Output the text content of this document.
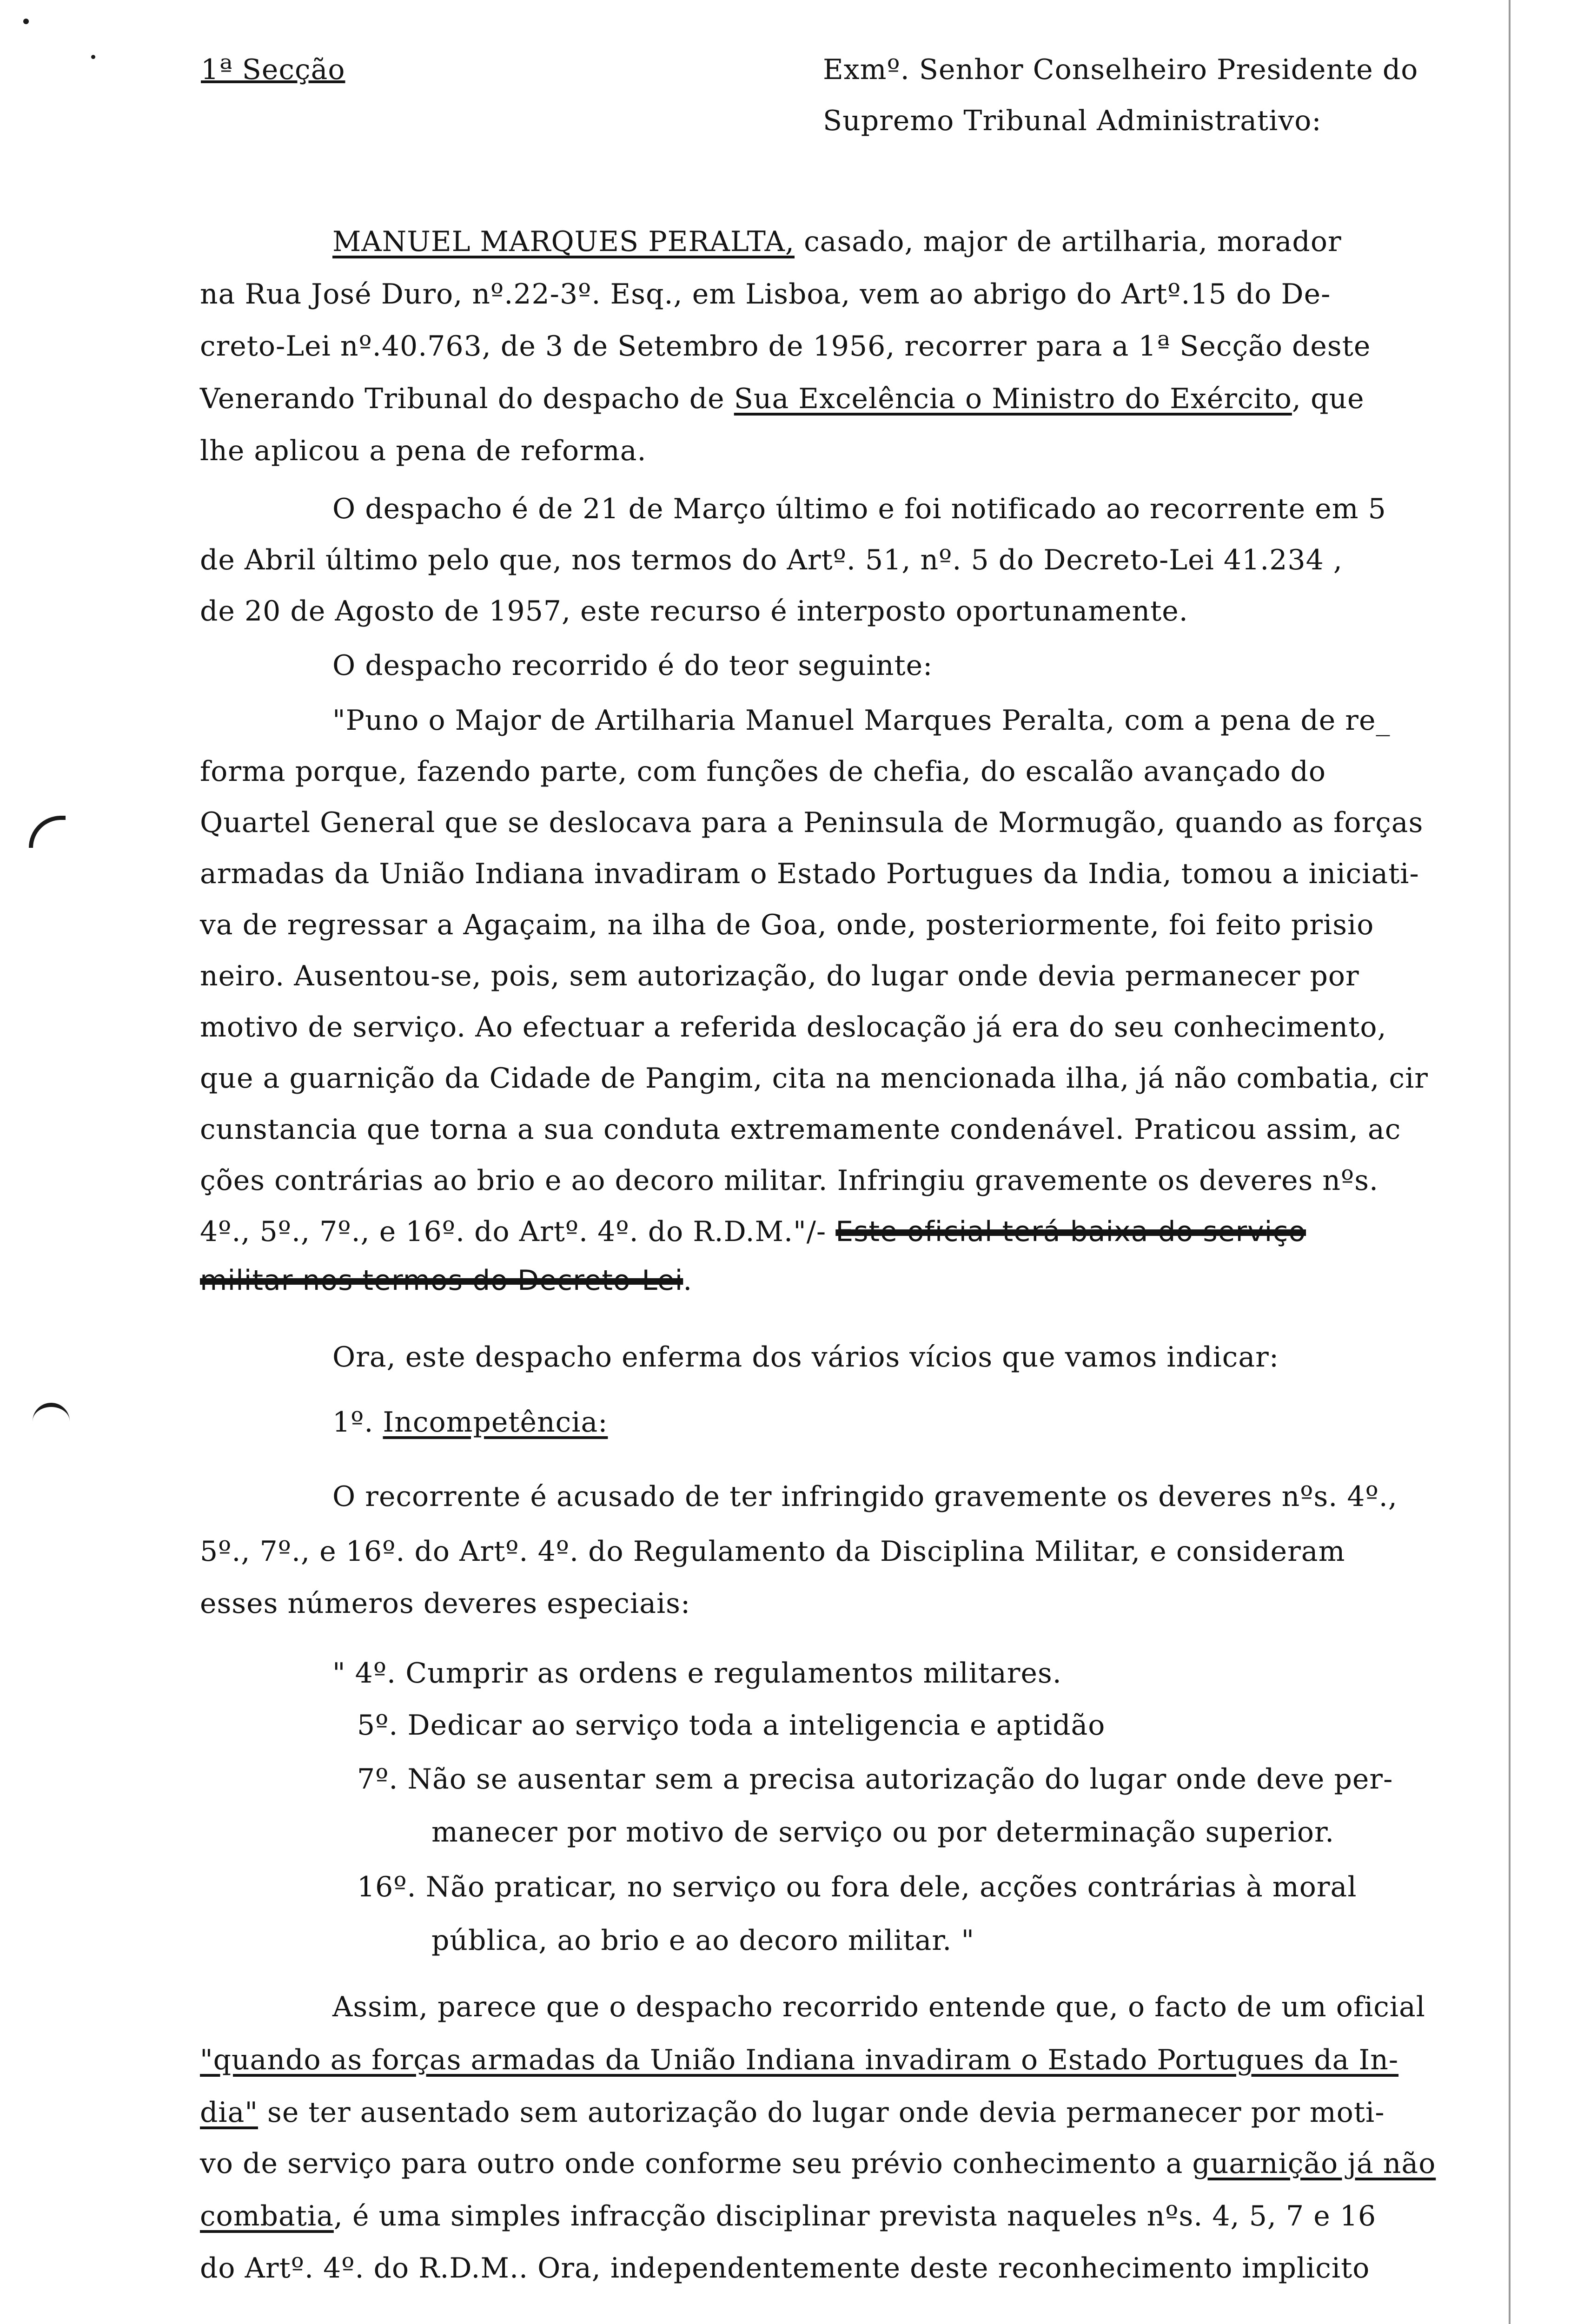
1ª Secção	Exmº. Senhor Conselheiro Presidente do

Supremo Tribunal Administrativo:

MANUEL MARQUES PERALTA, casado, major de artilharia, morador

na Rua José Duro, nº.22-3º. Esq., em Lisboa, vem ao abrigo do Artº.15 do De-

creto-Lei nº.40.763, de 3 de Setembro de 1956, recorrer para a 1ª Secção deste

Venerando Tribunal do despacho de Sua Excelência o Ministro do Exército, que

lhe aplicou a pena de reforma.

O despacho é de 21 de Março último e foi notificado ao recorrente em 5

de Abril último pelo que, nos termos do Artº. 51, nº. 5 do Decreto-Lei 41.234 ,

de 20 de Agosto de 1957, este recurso é interposto oportunamente.

O despacho recorrido é do teor seguinte:

"Puno o Major de Artilharia Manuel Marques Peralta, com a pena de re_

forma porque, fazendo parte, com funções de chefia, do escalão avançado do

Quartel General que se deslocava para a Peninsula de Mormugão, quando as forças

armadas da União Indiana invadiram o Estado Portugues da India, tomou a iniciati-

va de regressar a Agaçaim, na ilha de Goa, onde, posteriormente, foi feito prisio

neiro. Ausentou-se, pois, sem autorização, do lugar onde devia permanecer por

motivo de serviço. Ao efectuar a referida deslocação já era do seu conhecimento,

que a guarnição da Cidade de Pangim, cita na mencionada ilha, já não combatia, cir

cunstancia que torna a sua conduta extremamente condenável. Praticou assim, ac

ções contrárias ao brio e ao decoro militar. Infringiu gravemente os deveres nºs.

4º., 5º., 7º., e 16º. do Artº. 4º. do R.D.M."/- Este oficial terá baixa do serviço

militar nos termos do Decreto-Lei.

Ora, este despacho enferma dos vários vícios que vamos indicar:

1º. Incompetência:

O recorrente é acusado de ter infringido gravemente os deveres nºs. 4º.,

5º., 7º., e 16º. do Artº. 4º. do Regulamento da Disciplina Militar, e consideram

esses números deveres especiais:

" 4º. Cumprir as ordens e regulamentos militares.

5º. Dedicar ao serviço toda a inteligencia e aptidão

7º. Não se ausentar sem a precisa autorização do lugar onde deve per-

manecer por motivo de serviço ou por determinação superior.

16º. Não praticar, no serviço ou fora dele, acções contrárias à moral

pública, ao brio e ao decoro militar. "

Assim, parece que o despacho recorrido entende que, o facto de um oficial

"quando as forças armadas da União Indiana invadiram o Estado Portugues da In-

dia" se ter ausentado sem autorização do lugar onde devia permanecer por moti-

vo de serviço para outro onde conforme seu prévio conhecimento a guarnição já não

combatia, é uma simples infracção disciplinar prevista naqueles nºs. 4, 5, 7 e 16

do Artº. 4º. do R.D.M.. Ora, independentemente deste reconhecimento implicito
